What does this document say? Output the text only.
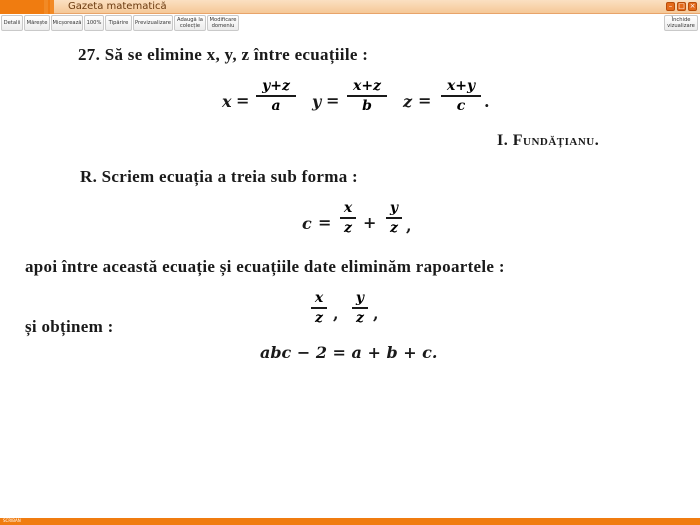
Gazeta matematică	– □ ×
Detalii	Mărește Micșorează 100%	Tipărire	Previzualizare	Adaugă la
colecție
Modificare
domeniu
Închide
vizualizare
27. Să se elimine x, y, z între ecuațiile :
x =
y+z
a y =
x+z
b z =
x+y
c .
I. Fundățianu.
R. Scriem ecuația a treia sub forma :
c =
x
z +
y
z ,
apoi între această ecuație și ecuațiile date eliminăm rapoartele :
x
z ,
y
z ,
și obținem :
abc − 2 = a + b + c.
SCRIBAN
